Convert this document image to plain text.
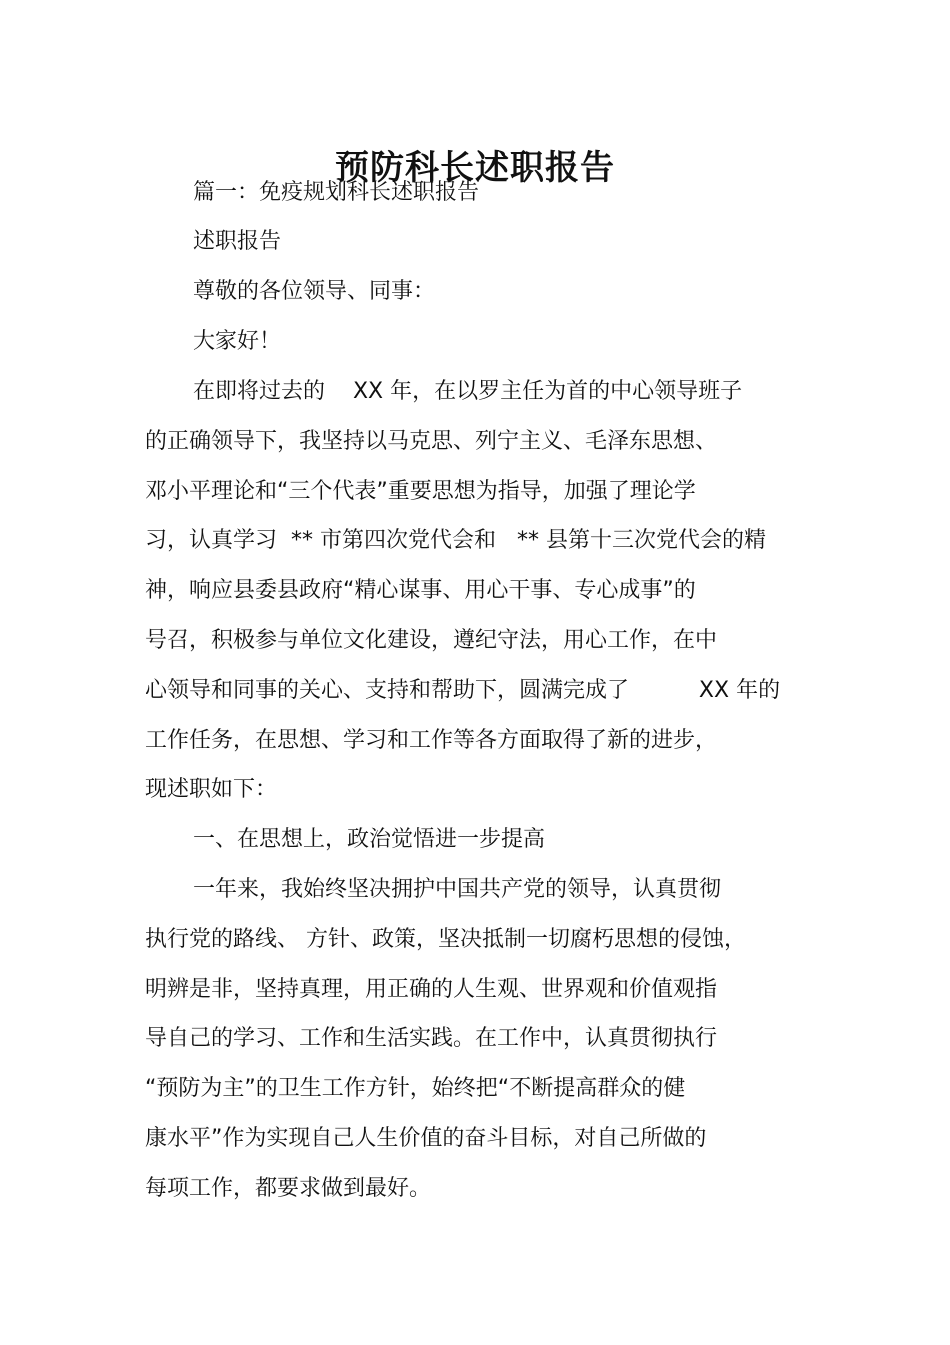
预防科长述职报告

篇一：免疫规划科长述职报告

述职报告

尊敬的各位领导、同事：

大家好！

在即将过去的    XX 年，在以罗主任为首的中心领导班子

的正确领导下，我坚持以马克思、列宁主义、毛泽东思想、

邓小平理论和“三个代表”重要思想为指导，加强了理论学

习，认真学习  ** 市第四次党代会和   ** 县第十三次党代会的精

神，响应县委县政府“精心谋事、用心干事、专心成事”的

号召，积极参与单位文化建设，遵纪守法，用心工作，在中

心领导和同事的关心、支持和帮助下，圆满完成了          XX 年的

工作任务，在思想、学习和工作等各方面取得了新的进步，

现述职如下：

一、在思想上，政治觉悟进一步提高

一年来，我始终坚决拥护中国共产党的领导，认真贯彻

执行党的路线、 方针、政策，坚决抵制一切腐朽思想的侵蚀，

明辨是非，坚持真理，用正确的人生观、世界观和价值观指

导自己的学习、工作和生活实践。在工作中，认真贯彻执行

“预防为主”的卫生工作方针，始终把“不断提高群众的健

康水平”作为实现自己人生价值的奋斗目标，对自己所做的

每项工作，都要求做到最好。
